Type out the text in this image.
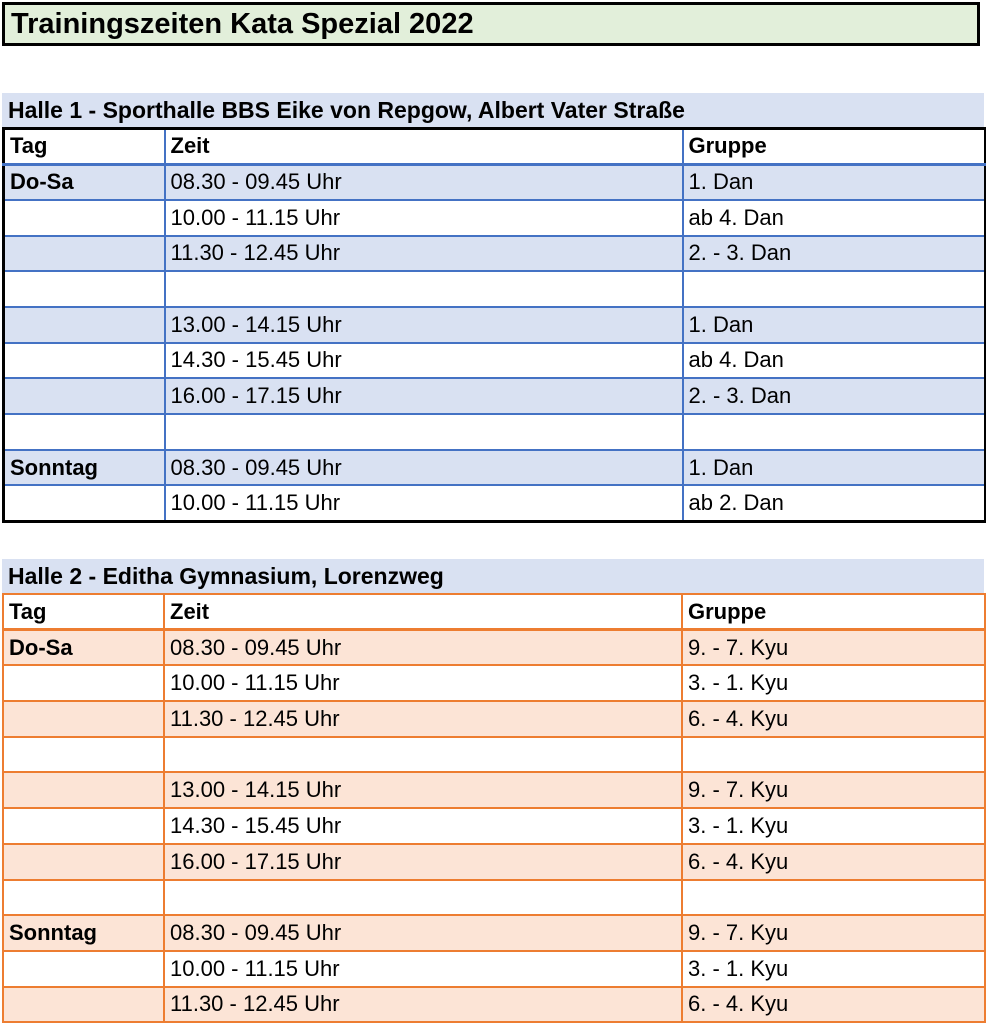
Trainingszeiten Kata Spezial 2022
Halle 1 - Sporthalle BBS Eike von Repgow, Albert Vater Straße
Tag	Zeit	Gruppe
Do-Sa	08.30 - 09.45 Uhr	1. Dan
	10.00 - 11.15 Uhr	ab 4. Dan
	11.30 - 12.45 Uhr	2. - 3. Dan

	13.00 - 14.15 Uhr	1. Dan
	14.30 - 15.45 Uhr	ab 4. Dan
	16.00 - 17.15 Uhr	2. - 3. Dan

Sonntag	08.30 - 09.45 Uhr	1. Dan
	10.00 - 11.15 Uhr	ab 2. Dan
Halle 2 - Editha Gymnasium, Lorenzweg
Tag	Zeit	Gruppe
Do-Sa	08.30 - 09.45 Uhr	9. - 7. Kyu
	10.00 - 11.15 Uhr	3. - 1. Kyu
	11.30 - 12.45 Uhr	6. - 4. Kyu

	13.00 - 14.15 Uhr	9. - 7. Kyu
	14.30 - 15.45 Uhr	3. - 1. Kyu
	16.00 - 17.15 Uhr	6. - 4. Kyu

Sonntag	08.30 - 09.45 Uhr	9. - 7. Kyu
	10.00 - 11.15 Uhr	3. - 1. Kyu
	11.30 - 12.45 Uhr	6. - 4. Kyu
